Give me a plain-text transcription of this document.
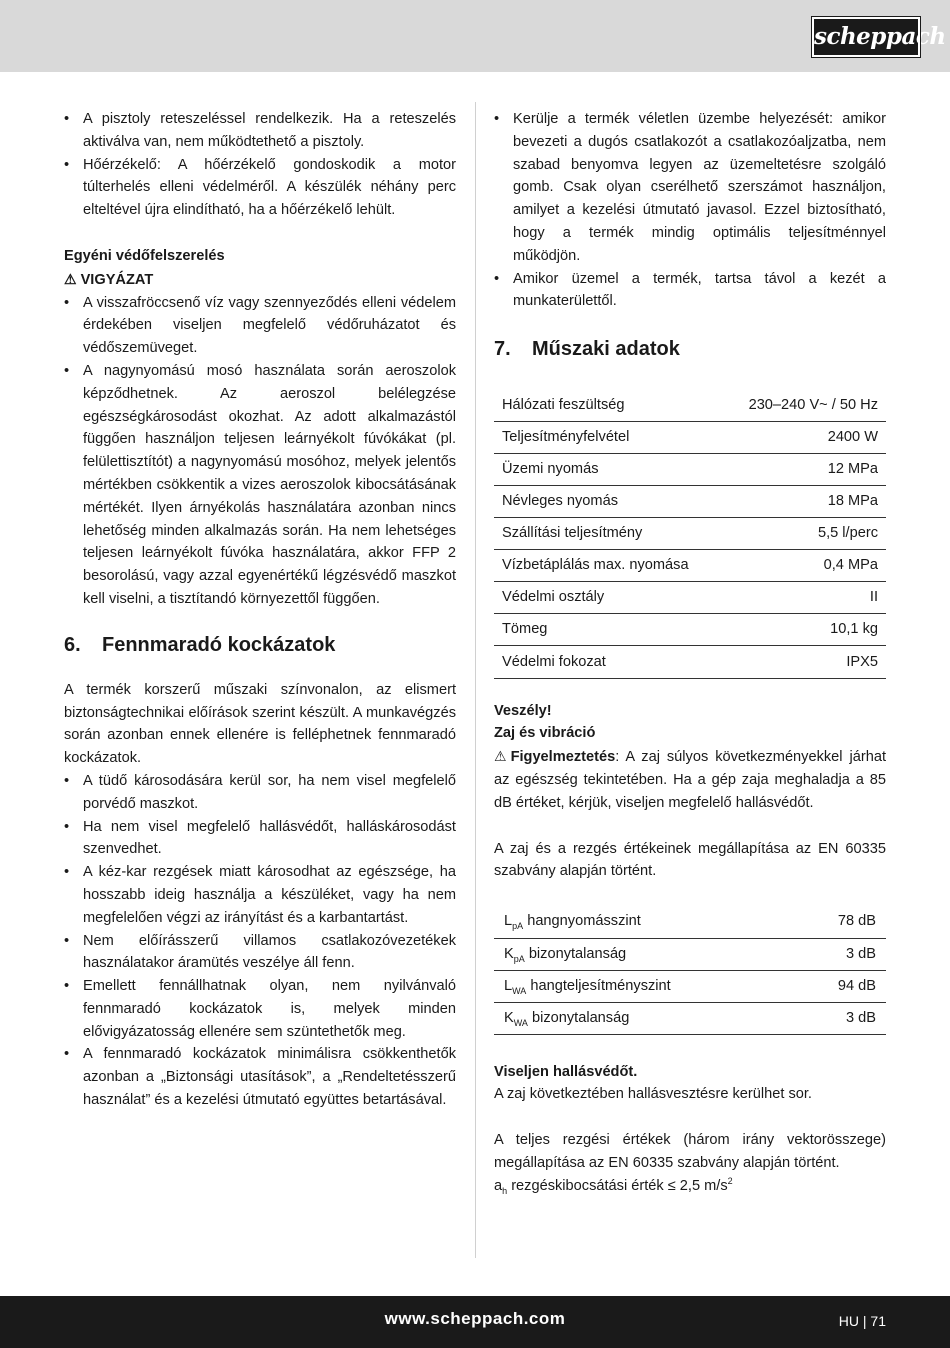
scheppach
• A pisztoly reteszeléssel rendelkezik. Ha a reteszelés aktiválva van, nem működtethető a pisztoly.
• Hőérzékelő: A hőérzékelő gondoskodik a motor túlterhelés elleni védelméről. A készülék néhány perc elteltével újra elindítható, ha a hőérzékelő lehült.
Egyéni védőfelszerelés
⚠ VIGYÁZAT
• A visszafröccsenő víz vagy szennyeződés elleni védelem érdekében viseljen megfelelő védőruházatot és védőszemüveget.
• A nagynyomású mosó használata során aeroszolok képződhetnek. Az aeroszol belélegzése egészségkárosodást okozhat. Az adott alkalmazástól függően használjon teljesen leárnyékolt fúvókákat (pl. felülettisztítót) a nagynyomású mosóhoz, melyek jelentős mértékben csökkentik a vizes aeroszolok kibocsátásának mértékét. Ilyen árnyékolás használatára azonban nincs lehetőség minden alkalmazás során. Ha nem lehetséges teljesen leárnyékolt fúvóka használatára, akkor FFP 2 besorolású, vagy azzal egyenértékű légzésvédő maszkot kell viselni, a tisztítandó környezettől függően.
6. Fennmaradó kockázatok

A termék korszerű műszaki színvonalon, az elismert biztonságtechnikai előírások szerint készült. A munkavégzés során azonban ennek ellenére is felléphetnek fennmaradó kockázatok.

• A tüdő károsodására kerül sor, ha nem visel megfelelő porvédő maszkot.
• Ha nem visel megfelelő hallásvédőt, halláskárosodást szenvedhet.
• A kéz-kar rezgések miatt károsodhat az egészsége, ha hosszabb ideig használja a készüléket, vagy ha nem megfelelően végzi az irányítást és a karbantartást.
• Nem előírásszerű villamos csatlakozóvezetékek használatakor áramütés veszélye áll fenn.
• Emellett fennállhatnak olyan, nem nyilvánvaló fennmaradó kockázatok is, melyek minden elővigyázatosság ellenére sem szüntethetők meg.
• A fennmaradó kockázatok minimálisra csökkenthetők azonban a „Biztonsági utasítások”, a „Rendeltetésszerű használat” és a kezelési útmutató együttes betartásával.
• Kerülje a termék véletlen üzembe helyezését: amikor bevezeti a dugós csatlakozót a csatlakozóaljzatba, nem szabad benyomva legyen az üzemeltetésre szolgáló gomb. Csak olyan cserélhető szerszámot használjon, amilyet a kezelési útmutató javasol. Ezzel biztosítható, hogy a termék mindig optimális teljesítménnyel működjön.
• Amikor üzemel a termék, tartsa távol a kezét a munkaterülettől.
7. Műszaki adatok
Hálózati feszültség	230–240 V~ / 50 Hz
Teljesítményfelvétel	2400 W
Üzemi nyomás	12 MPa
Névleges nyomás	18 MPa
Szállítási teljesítmény	5,5 l/perc
Vízbetáplálás max. nyomása	0,4 MPa
Védelmi osztály	II
Tömeg	10,1 kg
Védelmi fokozat	IPX5
Veszély!
Zaj és vibráció

⚠ Figyelmeztetés: A zaj súlyos következményekkel járhat az egészség tekintetében. Ha a gép zaja meghaladja a 85 dB értéket, kérjük, viseljen megfelelő hallásvédőt.

A zaj és a rezgés értékeinek megállapítása az EN 60335 szabvány alapján történt.

$L_{pA}$ hangnyomásszint	78 dB
$K_{pA}$ bizonytalanság	3 dB
$L_{WA}$ hangteljesítményszint	94 dB
$K_{WA}$ bizonytalanság	3 dB
Viseljen hallásvédőt.

A zaj következtében hallásvesztésre kerülhet sor.

A teljes rezgési értékek (három irány vektorösszege) megállapítása az EN 60335 szabvány alapján történt.

$a_h$ rezgéskibocsátási érték ≤ 2,5 $m/s^2$

www.scheppach.com	HU | 71
